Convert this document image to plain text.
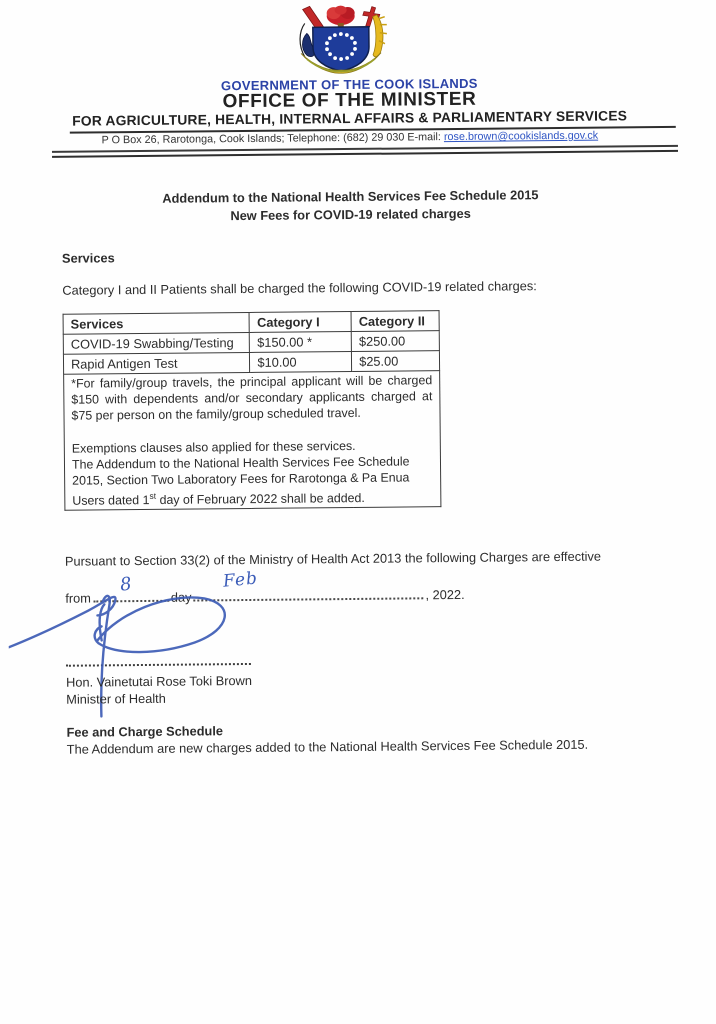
GOVERNMENT OF THE COOK ISLANDS
OFFICE OF THE MINISTER
FOR AGRICULTURE, HEALTH, INTERNAL AFFAIRS & PARLIAMENTARY SERVICES
P O Box 26, Rarotonga, Cook Islands; Telephone: (682) 29 030 E-mail: rose.brown@cookislands.gov.ck
Addendum to the National Health Services Fee Schedule 2015
New Fees for COVID-19 related charges
Services
Category I and II Patients shall be charged the following COVID-19 related charges:
Services	Category I	Category II
COVID-19 Swabbing/Testing	$150.00 *	$250.00
Rapid Antigen Test	$10.00	$25.00

*For family/group travels, the principal applicant will be charged $150 with dependents and/or secondary applicants charged at $75 per person on the family/group scheduled travel.

Exemptions clauses also applied for these services.
The Addendum to the National Health Services Fee Schedule 2015, Section Two Laboratory Fees for Rarotonga & Pa Enua Users dated 1st day of February 2022 shall be added.		
Pursuant to Section 33(2) of the Ministry of Health Act 2013 the following Charges are effective
from	day	, 2022.
8	Feb
Hon. Vainetutai Rose Toki Brown
Minister of Health
Fee and Charge Schedule
The Addendum are new charges added to the National Health Services Fee Schedule 2015.
